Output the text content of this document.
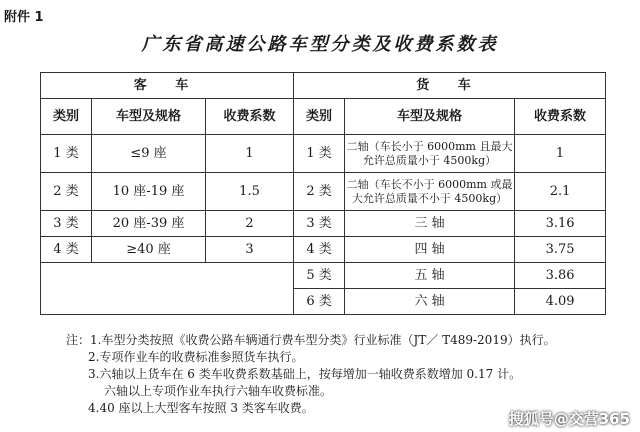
附件 1
广东省高速公路车型分类及收费系数表
客 车			货 车		
类别	车型及规格	收费系数	类别	车型及规格	收费系数
1 类	≤9 座	1	1 类	二轴（车长小于 6000mm 且最大允许总质量小于 4500kg）	1
2 类	10 座-19 座	1.5	2 类	二轴（车长不小于 6000mm 或最大允许总质量不小于 4500kg）	2.1
3 类	20 座-39 座	2	3 类	三 轴	3.16
4 类	≥40 座	3	4 类	四 轴	3.75
			5 类	五 轴	3.86
			6 类	六 轴	4.09
注：1.车型分类按照《收费公路车辆通行费车型分类》行业标准（JT／ T489-2019）执行。
2.专项作业车的收费标准参照货车执行。
3.六轴以上货车在 6 类车收费系数基础上，按每增加一轴收费系数增加 0.17 计。
六轴以上专项作业车执行六轴车收费标准。
4.40 座以上大型客车按照 3 类客车收费。
搜狐号@交营365
